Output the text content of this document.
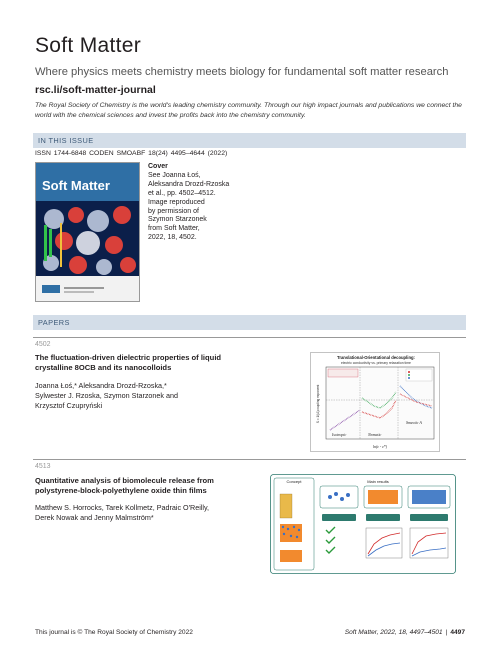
Soft Matter
Where physics meets chemistry meets biology for fundamental soft matter research
rsc.li/soft-matter-journal
The Royal Society of Chemistry is the world's leading chemistry community. Through our high impact journals and publications we connect the world with the chemical sciences and invest the profits back into the chemistry community.
IN THIS ISSUE
ISSN 1744-6848 CODEN SMOABF 18(24) 4495–4644 (2022)
Soft Matter
Cover
See Joanna Łoś,
Aleksandra Drozd-Rzoska
et al., pp. 4502–4512.
Image reproduced
by permission of
Szymon Starzonek
from Soft Matter,
2022, 18, 4502.
PAPERS
4502
The fluctuation-driven dielectric properties of liquid
crystalline 8OCB and its nanocolloids
Joanna Łoś,* Aleksandra Drozd-Rzoska,*
Sylwester J. Rzoska, Szymon Starzonek and
Krzysztof Czupryński
Translational-Orientational decoupling:
electric conductivity vs. primary relaxation time
Isotropic	Nematic
Smectic A
ln(ε - ε*)
S = 1/(Δ)coupling exponent
4513
Quantitative analysis of biomolecule release from
polystyrene-block-polyethylene oxide thin films
Matthew S. Horrocks, Tarek Kollmetz, Padraic O'Reilly,
Derek Nowak and Jenny Malmström*
Concept	Main results
This journal is © The Royal Society of Chemistry 2022	Soft Matter, 2022, 18, 4497–4501 | 4497
